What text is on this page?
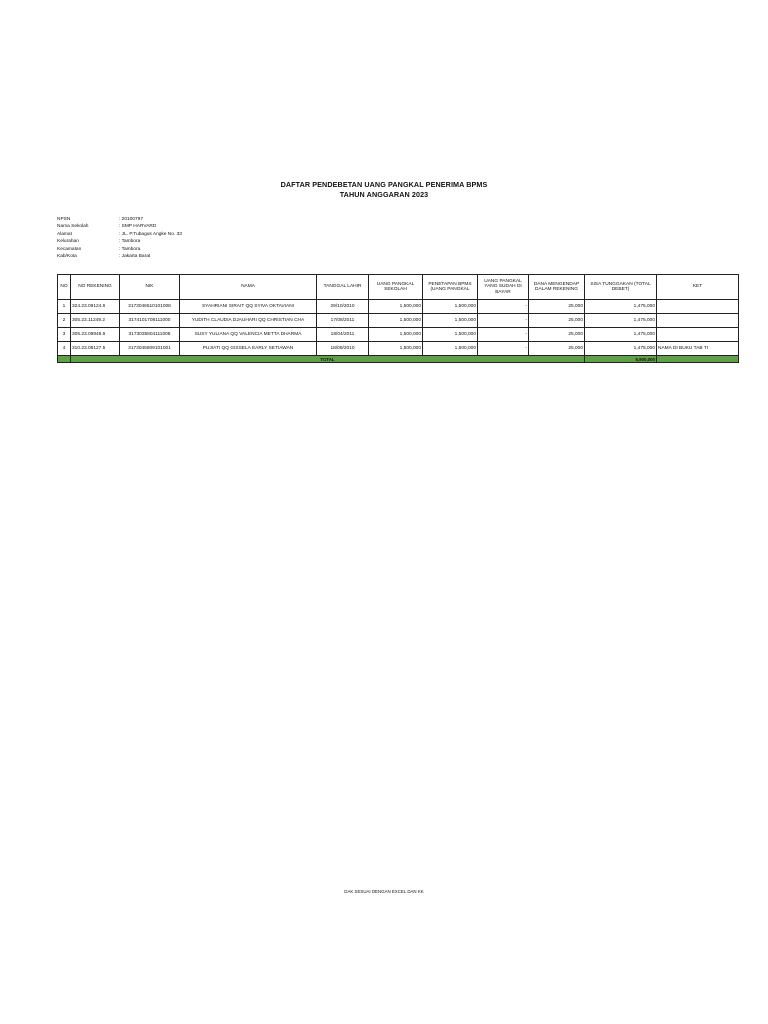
DAFTAR PENDEBETAN UANG PANGKAL PENERIMA BPMS
TAHUN ANGGARAN 2023
NPSN	: 20100797
Nama Sekolah	: SMP HARVARD
Alamat	: JL. P.Tubagus Angke No. 33
Kelurahan	: Tambora
Kecamatan	: Tambora
Kab/Kota	: Jakarta Barat
NO	NO REKENING	NIK	NAMA	TANGGAL LAHIR	UANG PANGKAL SEKOLAH	PENETAPAN BPMS (UANG PANGKAL	UANG PANGKAL YANG SUDAH DI BAYAR	DANA MENGENDAP DALAM REKENING	SISA TUNGGAKAN (TOTAL DEBET)	KET
1	324.23.09124.6	3173046510101008	SYAHRIANI SIRAIT QQ SYIVA OKTAVIANI	29/10/2010	1,500,000	1,500,000	-	25,000	1,475,000	
2	305.23.11249.2	3174101708111000	YUDITH CLAUDIA DJAUHARI QQ CHRISTIAN CHA	17/08/2011	1,500,000	1,500,000	-	25,000	1,475,000	
3	305.23.09849.6	3173035804111008	SUSY YULIANA QQ VALENCIA METTA DHARMA	18/04/2011	1,500,000	1,500,000	-	25,000	1,475,000	
4	310.23.08127.5	3173045809101001	PUJIATI QQ GISSELA EARLY SETIAWAN	18/09/2010	1,500,000	1,500,000	-	25,000	1,475,000	NAMA DI BUKU TAB TI
	TOTAL								5,900,000	
DAK SESUAI DENGAN EXCEL DAN KK
